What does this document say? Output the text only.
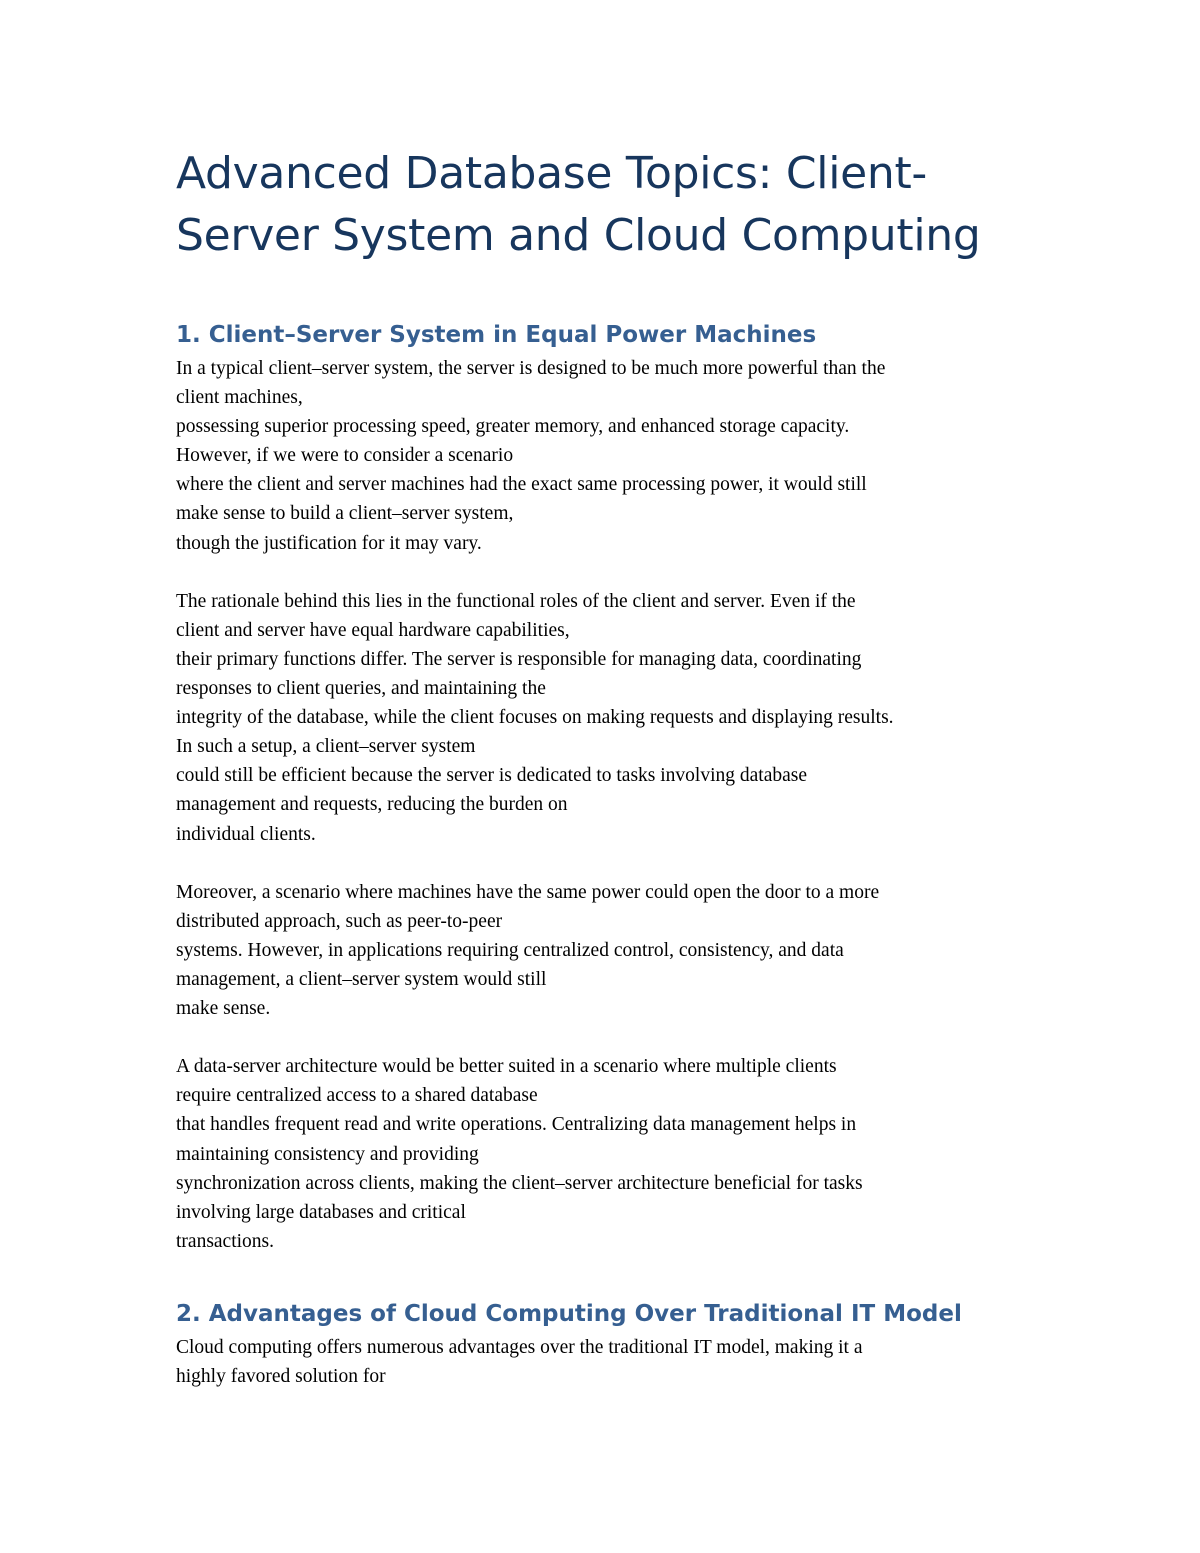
Advanced Database Topics: Client-Server System and Cloud Computing
1. Client–Server System in Equal Power Machines

In a typical client–server system, the server is designed to be much more powerful than the
client machines,
possessing superior processing speed, greater memory, and enhanced storage capacity.
However, if we were to consider a scenario
where the client and server machines had the exact same processing power, it would still
make sense to build a client–server system,
though the justification for it may vary.

The rationale behind this lies in the functional roles of the client and server. Even if the
client and server have equal hardware capabilities,
their primary functions differ. The server is responsible for managing data, coordinating
responses to client queries, and maintaining the
integrity of the database, while the client focuses on making requests and displaying results.
In such a setup, a client–server system
could still be efficient because the server is dedicated to tasks involving database
management and requests, reducing the burden on
individual clients.

Moreover, a scenario where machines have the same power could open the door to a more
distributed approach, such as peer-to-peer
systems. However, in applications requiring centralized control, consistency, and data
management, a client–server system would still
make sense.

A data-server architecture would be better suited in a scenario where multiple clients
require centralized access to a shared database
that handles frequent read and write operations. Centralizing data management helps in
maintaining consistency and providing
synchronization across clients, making the client–server architecture beneficial for tasks
involving large databases and critical
transactions.

2. Advantages of Cloud Computing Over Traditional IT Model

Cloud computing offers numerous advantages over the traditional IT model, making it a
highly favored solution for
